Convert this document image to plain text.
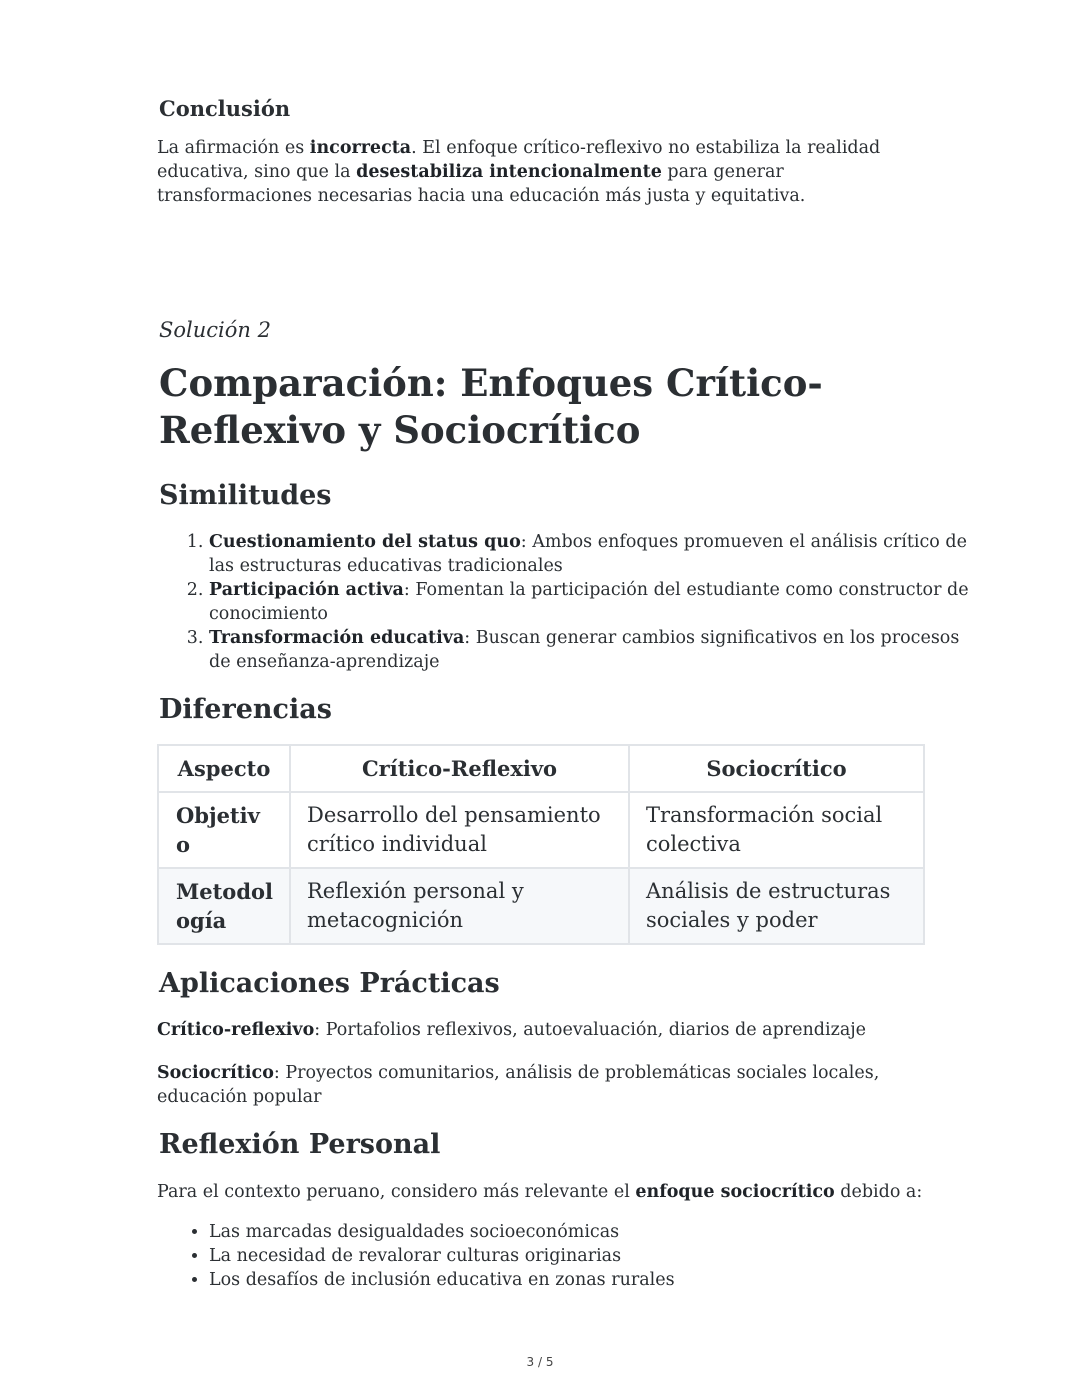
Conclusión
La afirmación es incorrecta. El enfoque crítico-reflexivo no estabiliza la realidad educativa, sino que la desestabiliza intencionalmente para generar transformaciones necesarias hacia una educación más justa y equitativa.
Solución 2
Comparación: Enfoques Crítico-Reflexivo y Sociocrítico
Similitudes
1. Cuestionamiento del status quo: Ambos enfoques promueven el análisis crítico de las estructuras educativas tradicionales
2. Participación activa: Fomentan la participación del estudiante como constructor de conocimiento
3. Transformación educativa: Buscan generar cambios significativos en los procesos de enseñanza-aprendizaje
Diferencias
Aspecto	Crítico-Reflexivo	Sociocrítico
Objetivo	Desarrollo del pensamiento crítico individual	Transformación social colectiva
Metodología	Reflexión personal y metacognición	Análisis de estructuras sociales y poder
Aplicaciones Prácticas
Crítico-reflexivo: Portafolios reflexivos, autoevaluación, diarios de aprendizaje
Sociocrítico: Proyectos comunitarios, análisis de problemáticas sociales locales, educación popular
Reflexión Personal
Para el contexto peruano, considero más relevante el enfoque sociocrítico debido a:
• Las marcadas desigualdades socioeconómicas
• La necesidad de revalorar culturas originarias
• Los desafíos de inclusión educativa en zonas rurales
3 / 5
